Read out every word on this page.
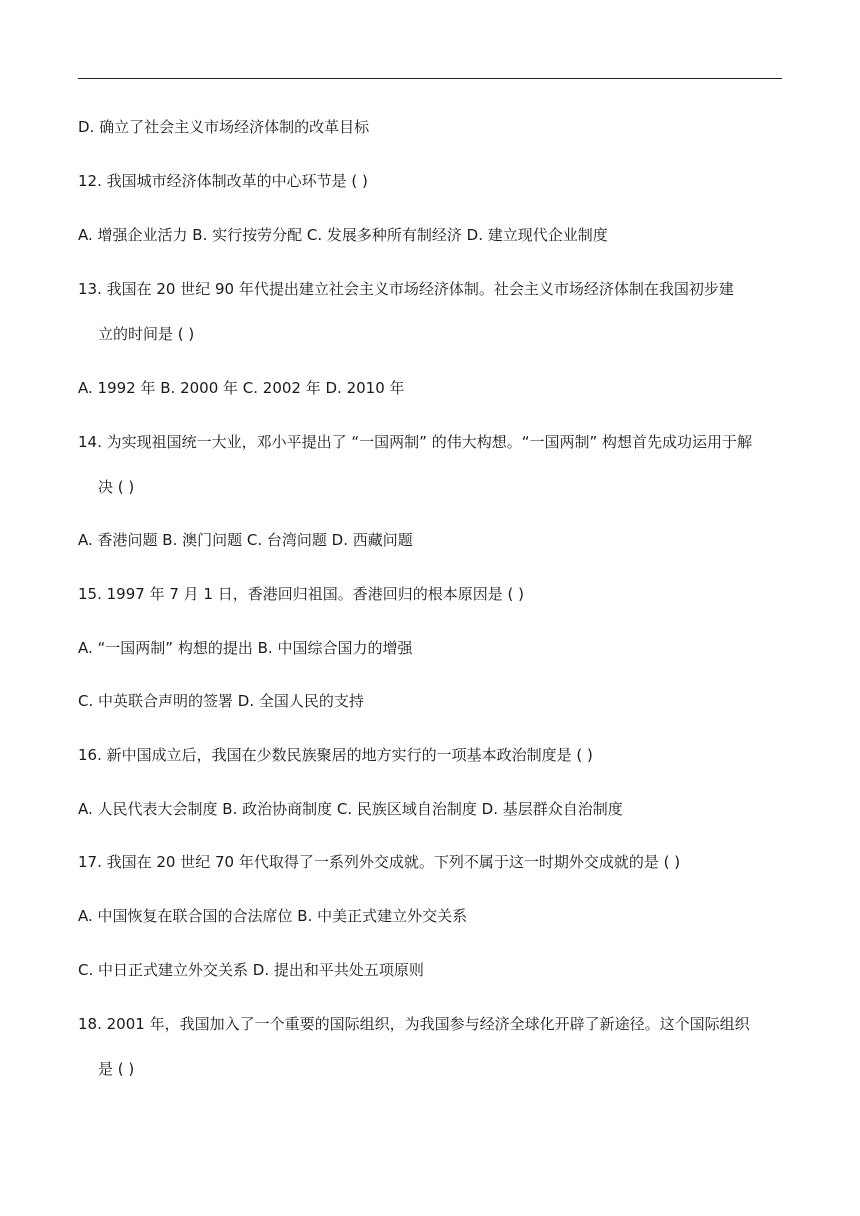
D. 确立了社会主义市场经济体制的改革目标
12. 我国城市经济体制改革的中心环节是 ( )
A. 增强企业活力 B. 实行按劳分配 C. 发展多种所有制经济 D. 建立现代企业制度
13. 我国在 20 世纪 90 年代提出建立社会主义市场经济体制。社会主义市场经济体制在我国初步建
立的时间是 ( )
A. 1992 年 B. 2000 年 C. 2002 年 D. 2010 年
14. 为实现祖国统一大业，邓小平提出了 “一国两制” 的伟大构想。“一国两制” 构想首先成功运用于解
决 ( )
A. 香港问题 B. 澳门问题 C. 台湾问题 D. 西藏问题
15. 1997 年 7 月 1 日，香港回归祖国。香港回归的根本原因是 ( )
A. “一国两制” 构想的提出 B. 中国综合国力的增强
C. 中英联合声明的签署 D. 全国人民的支持
16. 新中国成立后，我国在少数民族聚居的地方实行的一项基本政治制度是 ( )
A. 人民代表大会制度 B. 政治协商制度 C. 民族区域自治制度 D. 基层群众自治制度
17. 我国在 20 世纪 70 年代取得了一系列外交成就。下列不属于这一时期外交成就的是 ( )
A. 中国恢复在联合国的合法席位 B. 中美正式建立外交关系
C. 中日正式建立外交关系 D. 提出和平共处五项原则
18. 2001 年，我国加入了一个重要的国际组织，为我国参与经济全球化开辟了新途径。这个国际组织
是 ( )
